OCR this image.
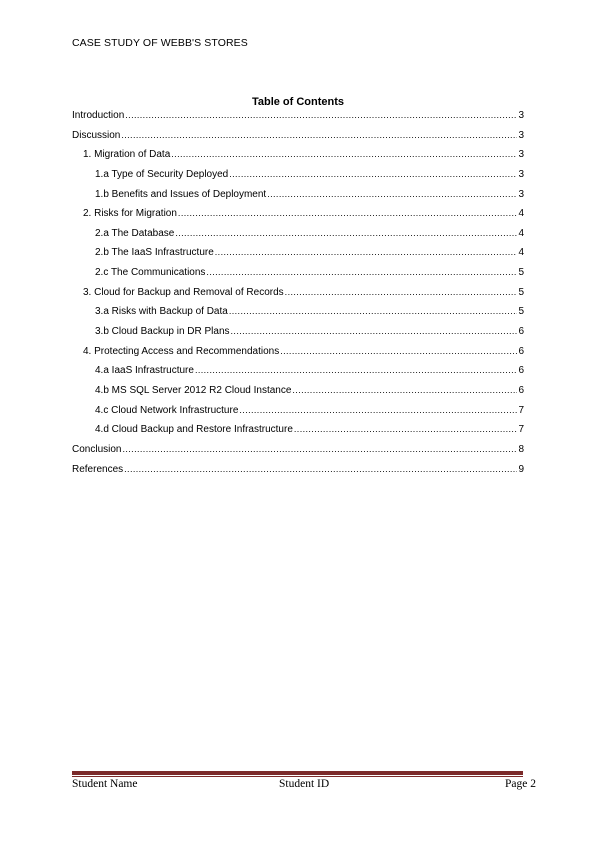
CASE STUDY OF WEBB'S STORES
Table of Contents
Introduction .....	3
Discussion .....	3
1. Migration of Data .....	3
1.a Type of Security Deployed .....	3
1.b Benefits and Issues of Deployment .....	3
2. Risks for Migration .....	4
2.a The Database .....	4
2.b The IaaS Infrastructure .....	4
2.c The Communications .....	5
3. Cloud for Backup and Removal of Records .....	5
3.a Risks with Backup of Data .....	5
3.b Cloud Backup in DR Plans .....	6
4. Protecting Access and Recommendations .....	6
4.a IaaS Infrastructure .....	6
4.b MS SQL Server 2012 R2 Cloud Instance .....	6
4.c Cloud Network Infrastructure .....	7
4.d Cloud Backup and Restore Infrastructure .....	7
Conclusion .....	8
References .....	9
Student Name	Student ID	Page 2
